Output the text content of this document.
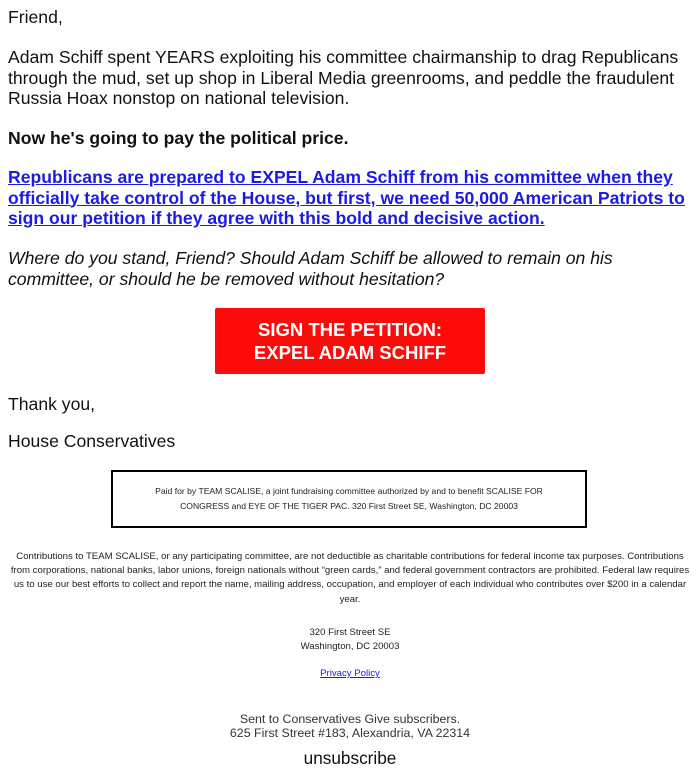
Friend,

Adam Schiff spent YEARS exploiting his committee chairmanship to drag Republicans through the mud, set up shop in Liberal Media greenrooms, and peddle the fraudulent Russia Hoax nonstop on national television.

Now he's going to pay the political price.

Republicans are prepared to EXPEL Adam Schiff from his committee when they officially take control of the House, but first, we need 50,000 American Patriots to sign our petition if they agree with this bold and decisive action.

Where do you stand, Friend? Should Adam Schiff be allowed to remain on his committee, or should he be removed without hesitation?

SIGN THE PETITION:
EXPEL ADAM SCHIFF

Thank you,

House Conservatives

Paid for by TEAM SCALISE, a joint fundraising committee authorized by and to benefit SCALISE FOR CONGRESS and EYE OF THE TIGER PAC. 320 First Street SE, Washington, DC 20003

Contributions to TEAM SCALISE, or any participating committee, are not deductible as charitable contributions for federal income tax purposes. Contributions from corporations, national banks, labor unions, foreign nationals without “green cards,” and federal government contractors are prohibited. Federal law requires us to use our best efforts to collect and report the name, mailing address, occupation, and employer of each individual who contributes over $200 in a calendar year.

320 First Street SE
Washington, DC 20003

Privacy Policy

Sent to Conservatives Give subscribers.
625 First Street #183, Alexandria, VA 22314

unsubscribe
